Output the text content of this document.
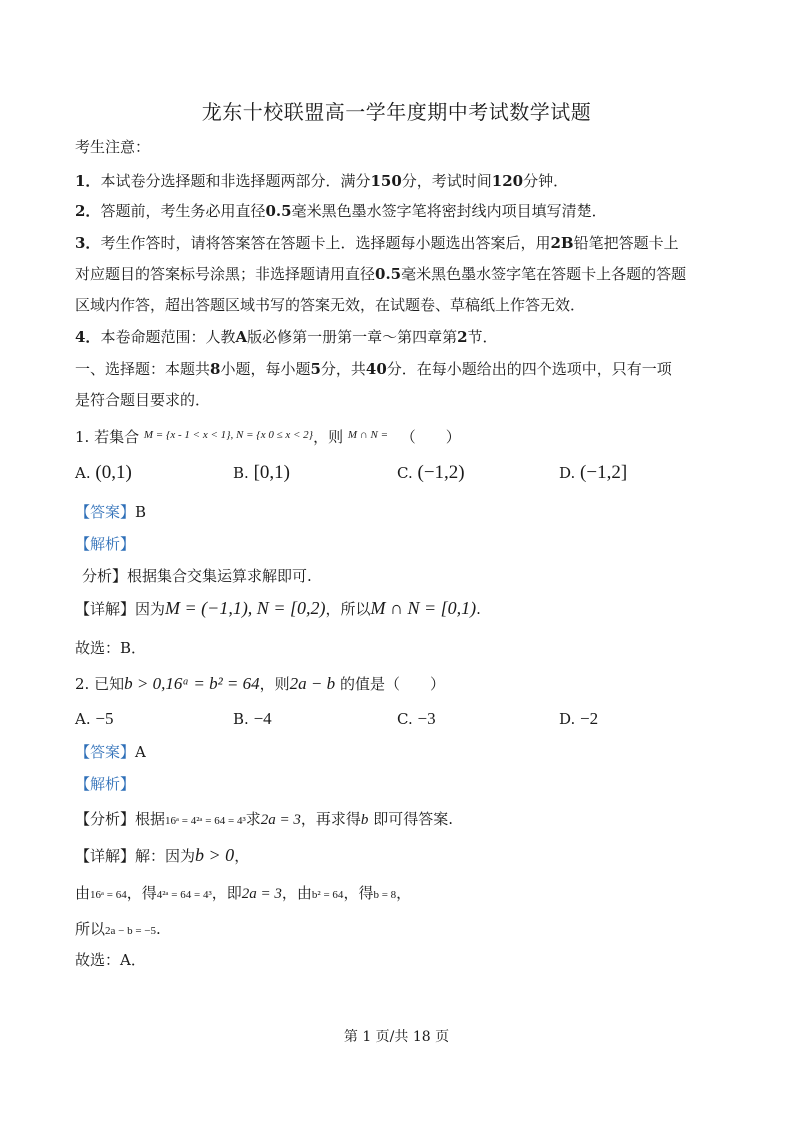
龙东十校联盟高一学年度期中考试数学试题
考生注意：
1．本试卷分选择题和非选择题两部分．满分150分，考试时间120分钟．
2．答题前，考生务必用直径0.5毫米黑色墨水签字笔将密封线内项目填写清楚．
3．考生作答时，请将答案答在答题卡上．选择题每小题选出答案后，用2B铅笔把答题卡上
对应题目的答案标号涂黑；非选择题请用直径0.5毫米黑色墨水签字笔在答题卡上各题的答题
区域内作答，超出答题区域书写的答案无效，在试题卷、草稿纸上作答无效．
4．本卷命题范围：人教A版必修第一册第一章～第四章第2节．
一、选择题：本题共8小题，每小题5分，共40分．在每小题给出的四个选项中，只有一项
是符合题目要求的．
1. 若集合 $^{M = \{x - 1 < x < 1\}, N = \{x 0 \le x < 2\}}$，则 $^{M \cap N =}$ （　　）
A. (0,1)	B. [0,1)	C. (−1,2)	D. (−1,2]
【答案】B
【解析】
分析】根据集合交集运算求解即可.
【详解】因为M = (−1,1), N = [0,2)，所以M ∩ N = [0,1).
故选：B．
2. 已知b > 0,16ᵃ = b² = 64，则2a − b 的值是（　　）
A. −5	B. −4	C. −3	D. −2
【答案】A
【解析】
【分析】根据16ᵃ = 4²ᵃ = 64 = 4³求2a = 3，再求得b 即可得答案.
【详解】解：因为b > 0，
由16ᵃ = 64，得4²ᵃ = 64 = 4³，即2a = 3，由b² = 64，得b = 8，
所以2a − b = −5.
故选：A．
第 1 页/共 18 页
